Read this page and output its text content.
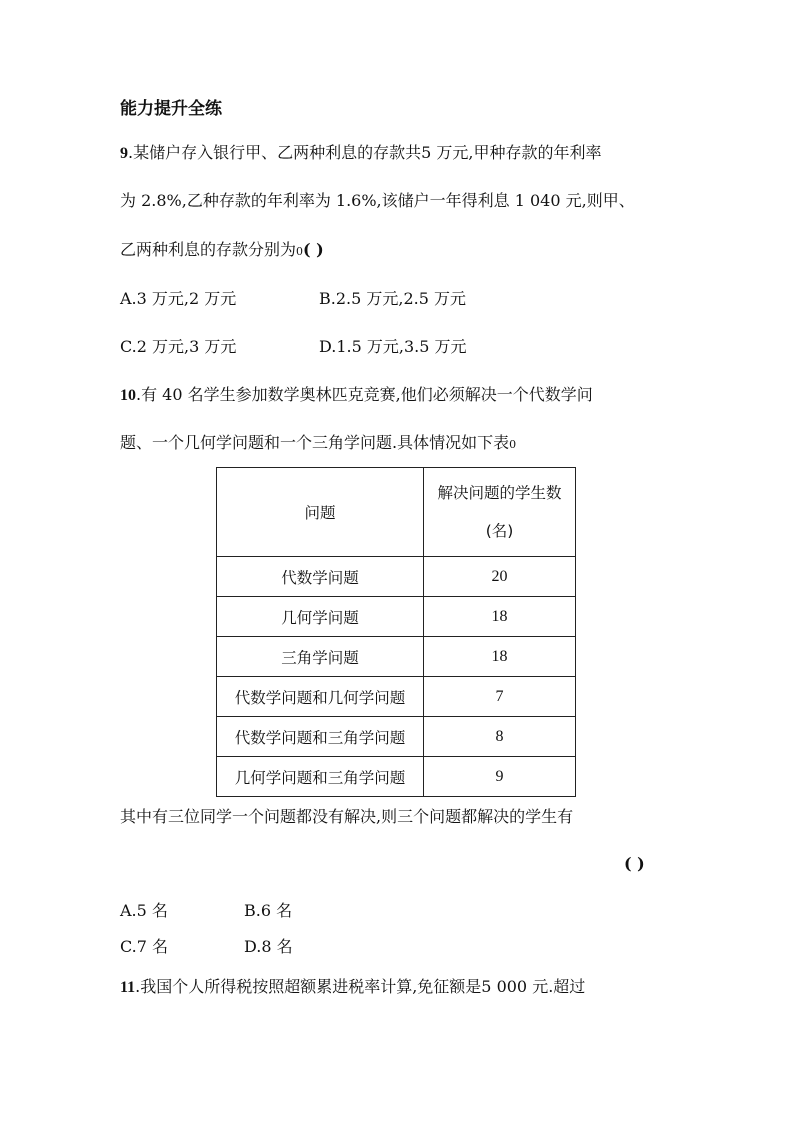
能力提升全练
9.某储户存入银行甲、乙两种利息的存款共5 万元,甲种存款的年利率
为 2.8%,乙种存款的年利率为 1.6%,该储户一年得利息 1 040 元,则甲、
乙两种利息的存款分别为0( )
A.3 万元,2 万元	B.2.5 万元,2.5 万元
C.2 万元,3 万元	D.1.5 万元,3.5 万元
10.有 40 名学生参加数学奥林匹克竞赛,他们必须解决一个代数学问
题、一个几何学问题和一个三角学问题.具体情况如下表0
问题	解决问题的学生数
(名)

代数学问题	20
几何学问题	18
三角学问题	18
代数学问题和几何学问题	7
代数学问题和三角学问题	8
几何学问题和三角学问题	9
其中有三位同学一个问题都没有解决,则三个问题都解决的学生有
( )
A.5 名	B.6 名
C.7 名	D.8 名
11.我国个人所得税按照超额累进税率计算,免征额是5 000 元.超过
